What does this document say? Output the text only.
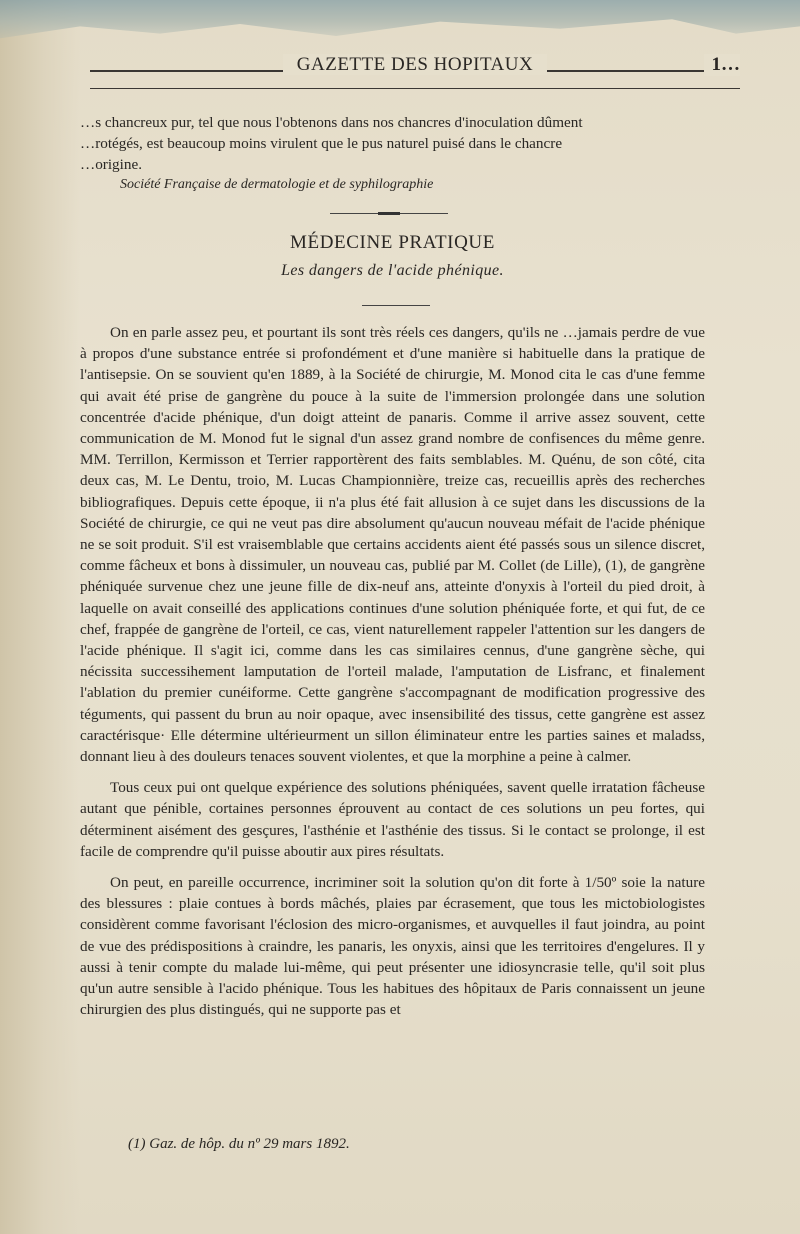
GAZETTE DES HOPITAUX	1…
…s chancreux pur, tel que nous l'obtenons dans nos chancres d'inoculation dûment
…rotégés, est beaucoup moins virulent que le pus naturel puisé dans le chancre
…origine.
Société Française de dermatologie et de syphilographie
MÉDECINE PRATIQUE
Les dangers de l'acide phénique.

On en parle assez peu, et pourtant ils sont très réels ces dangers, qu'ils ne …jamais perdre de vue à propos d'une substance entrée si profondément et d'une manière si habituelle dans la pratique de l'antisepsie. On se souvient qu'en 1889, à la Société de chirurgie, M. Monod cita le cas d'une femme qui avait été prise de gangrène du pouce à la suite de l'immersion prolongée dans une solution concentrée d'acide phénique, d'un doigt atteint de panaris. Comme il arrive assez souvent, cette communication de M. Monod fut le signal d'un assez grand nombre de confisences du même genre. MM. Terrillon, Kermisson et Terrier rapportèrent des faits semblables. M. Quénu, de son côté, cita deux cas, M. Le Dentu, troio, M. Lucas Championnière, treize cas, recueillis après des recherches bibliografiques. Depuis cette époque, ii n'a plus été fait allusion à ce sujet dans les discussions de la Société de chirurgie, ce qui ne veut pas dire absolument qu'aucun nouveau méfait de l'acide phénique ne se soit produit. S'il est vraisemblable que certains accidents aient été passés sous un silence discret, comme fâcheux et bons à dissimuler, un nouveau cas, publié par M. Collet (de Lille), (1), de gangrène phéniquée survenue chez une jeune fille de dix-neuf ans, atteinte d'onyxis à l'orteil du pied droit, à laquelle on avait conseillé des applications continues d'une solution phéniquée forte, et qui fut, de ce chef, frappée de gangrène de l'orteil, ce cas, vient naturellement rappeler l'attention sur les dangers de l'acide phénique. Il s'agit ici, comme dans les cas similaires cennus, d'une gangrène sèche, qui nécissita successihement lamputation de l'orteil malade, l'amputation de Lisfranc, et finalement l'ablation du premier cunéiforme. Cette gangrène s'accompagnant de modification progressive des téguments, qui passent du brun au noir opaque, avec insensibilité des tissus, cette gangrène est assez caractérisque· Elle détermine ultérieurment un sillon éliminateur entre les parties saines et maladss, donnant lieu à des douleurs tenaces souvent violentes, et que la morphine a peine à calmer.

Tous ceux pui ont quelque expérience des solutions phéniquées, savent quelle irratation fâcheuse autant que pénible, cortaines personnes éprouvent au contact de ces solutions un peu fortes, qui déterminent aisément des gesçures, l'asthénie et l'asthénie des tissus. Si le contact se prolonge, il est facile de comprendre qu'il puisse aboutir aux pires résultats.

On peut, en pareille occurrence, incriminer soit la solution qu'on dit forte à 1/50º soie la nature des blessures : plaie contues à bords mâchés, plaies par écrasement, que tous les mictobiologistes considèrent comme favorisant l'éclosion des micro-organismes, et auvquelles il faut joindra, au point de vue des prédispositions à craindre, les panaris, les onyxis, ainsi que les territoires d'engelures. Il y aussi à tenir compte du malade lui-même, qui peut présenter une idiosyncrasie telle, qu'il soit plus qu'un autre sensible à l'acido phénique. Tous les habitues des hôpitaux de Paris connaissent un jeune chirurgien des plus distingués, qui ne supporte pas et

(1) Gaz. de hôp. du nº 29 mars 1892.
